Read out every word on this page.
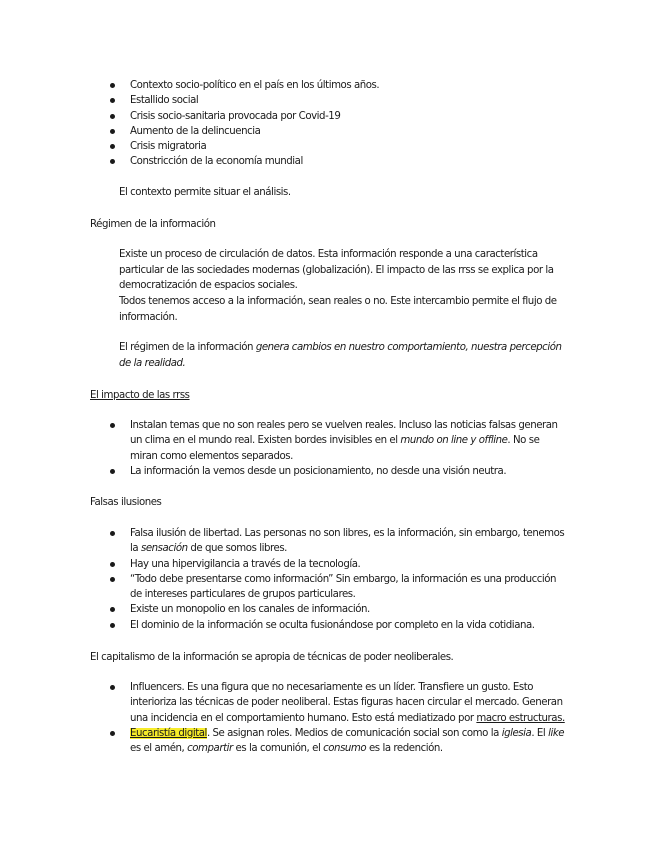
Contexto socio-político en el país en los últimos años.
Estallido social
Crisis socio-sanitaria provocada por Covid-19
Aumento de la delincuencia
Crisis migratoria
Constricción de la economía mundial

El contexto permite situar el análisis.

Régimen de la información

Existe un proceso de circulación de datos. Esta información responde a una característica particular de las sociedades modernas (globalización). El impacto de las rrss se explica por la democratización de espacios sociales.

Todos tenemos acceso a la información, sean reales o no. Este intercambio permite el flujo de información.

El régimen de la información genera cambios en nuestro comportamiento, nuestra percepción de la realidad.

El impacto de las rrss

Instalan temas que no son reales pero se vuelven reales. Incluso las noticias falsas generan un clima en el mundo real. Existen bordes invisibles en el mundo on line y offline. No se miran como elementos separados.
La información la vemos desde un posicionamiento, no desde una visión neutra.

Falsas ilusiones

Falsa ilusión de libertad. Las personas no son libres, es la información, sin embargo, tenemos la sensación de que somos libres.
Hay una hipervigilancia a través de la tecnología.
“Todo debe presentarse como información” Sin embargo, la información es una producción de intereses particulares de grupos particulares.
Existe un monopolio en los canales de información.
El dominio de la información se oculta fusionándose por completo en la vida cotidiana.

El capitalismo de la información se apropia de técnicas de poder neoliberales.

Influencers. Es una figura que no necesariamente es un líder. Transfiere un gusto. Esto interioriza las técnicas de poder neoliberal. Estas figuras hacen circular el mercado. Generan una incidencia en el comportamiento humano. Esto está mediatizado por macro estructuras.
Eucaristía digital. Se asignan roles. Medios de comunicación social son como la iglesia. El like es el amén, compartir es la comunión, el consumo es la redención.
